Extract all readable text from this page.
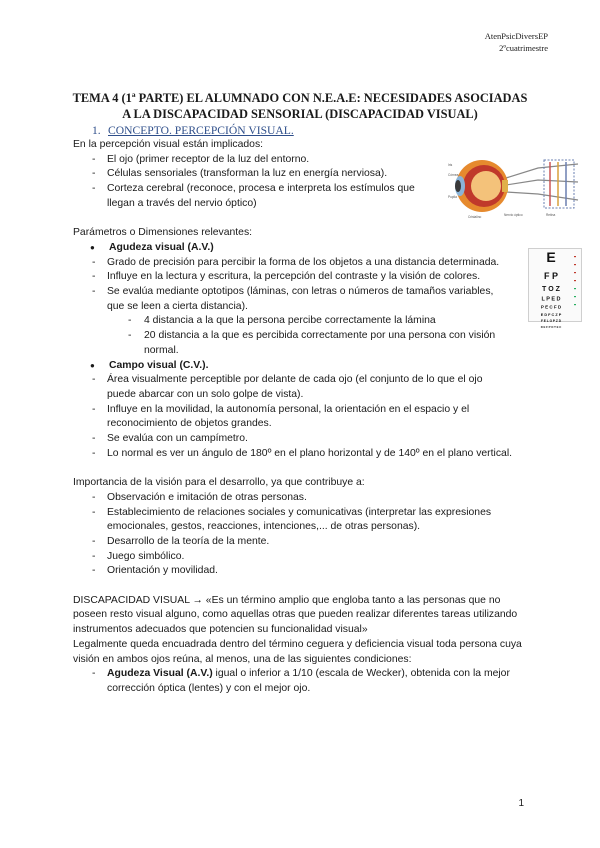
AtenPsicDiversEP
2ºcuatrimestre
TEMA 4 (1ª PARTE) EL ALUMNADO CON N.E.A.E: NECESIDADES ASOCIADAS
A LA DISCAPACIDAD SENSORIAL (DISCAPACIDAD VISUAL)
1. CONCEPTO. PERCEPCIÓN VISUAL.

En la percepción visual están implicados:

- El ojo (primer receptor de la luz del entorno.
- Células sensoriales (transforman la luz en energía nerviosa).
- Corteza cerebral (reconoce, procesa e interpreta los estímulos que llegan a través del nervio óptico)

Parámetros o Dimensiones relevantes:

● Agudeza visual (A.V.)
- Grado de precisión para percibir la forma de los objetos a una distancia determinada.
- Influye en la lectura y escritura, la percepción del contraste y la visión de colores.
- Se evalúa mediante optotipos (láminas, con letras o números de tamaños variables, que se leen a cierta distancia).
- 4 distancia a la que la persona percibe correctamente la lámina
- 20 distancia a la que es percibida correctamente por una persona con visión normal.
● Campo visual (C.V.).
- Área visualmente perceptible por delante de cada ojo (el conjunto de lo que el ojo puede abarcar con un solo golpe de vista).
- Influye en la movilidad, la autonomía personal, la orientación en el espacio y el reconocimiento de objetos grandes.
- Se evalúa con un campímetro.
- Lo normal es ver un ángulo de 180º en el plano horizontal y de 140º en el plano vertical.

Importancia de la visión para el desarrollo, ya que contribuye a:

- Observación e imitación de otras personas.
- Establecimiento de relaciones sociales y comunicativas (interpretar las expresiones emocionales, gestos, reacciones, intenciones,... de otras personas).
- Desarrollo de la teoría de la mente.
- Juego simbólico.
- Orientación y movilidad.

DISCAPACIDAD VISUAL → «Es un término amplio que engloba tanto a las personas que no poseen resto visual alguno, como aquellas otras que pueden realizar diferentes tareas utilizando instrumentos adecuados que potencien su funcionalidad visual»

Legalmente queda encuadrada dentro del término ceguera y deficiencia visual toda persona cuya visión en ambos ojos reúna, al menos, una de las siguientes condiciones:

- Agudeza Visual (A.V.) igual o inferior a 1/10 (escala de Wecker), obtenida con la mejor corrección óptica (lentes) y con el mejor ojo.
Iris
Córnea
Pupila
Cristalino	Nervio óptico	Retina
E
F P
T O Z
L P E D
P E C F D
E D F C Z P
F E L O P Z D
D E F P O T E C
1
